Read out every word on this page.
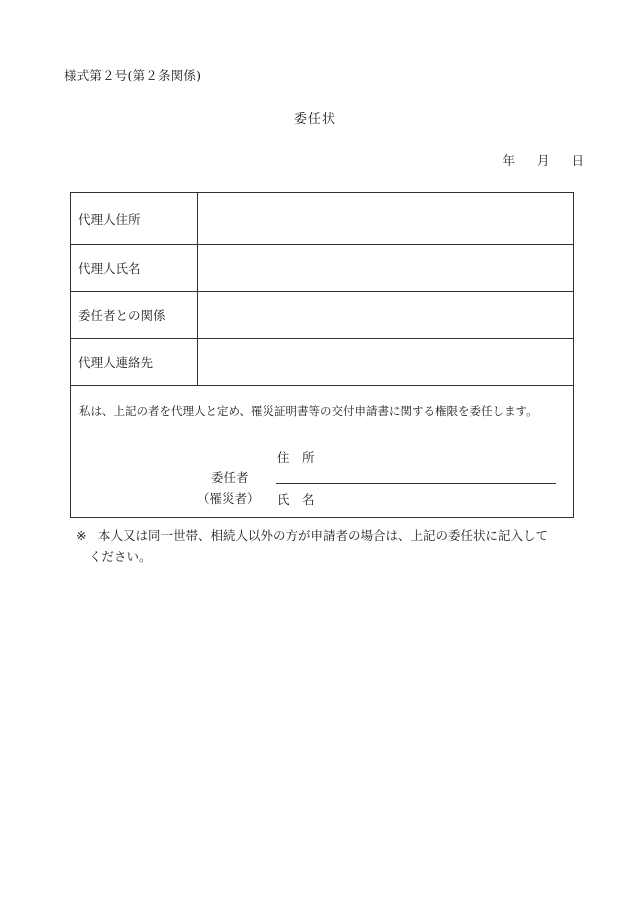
様式第２号(第２条関係)
委任状
年 月 日
代理人住所
代理人氏名
委任者との関係
代理人連絡先
私は、上記の者を代理人と定め、罹災証明書等の交付申請書に関する権限を委任します。
住　所
委任者
（罹災者） 氏　名
※ 本人又は同一世帯、相続人以外の方が申請者の場合は、上記の委任状に記入して
ください。
